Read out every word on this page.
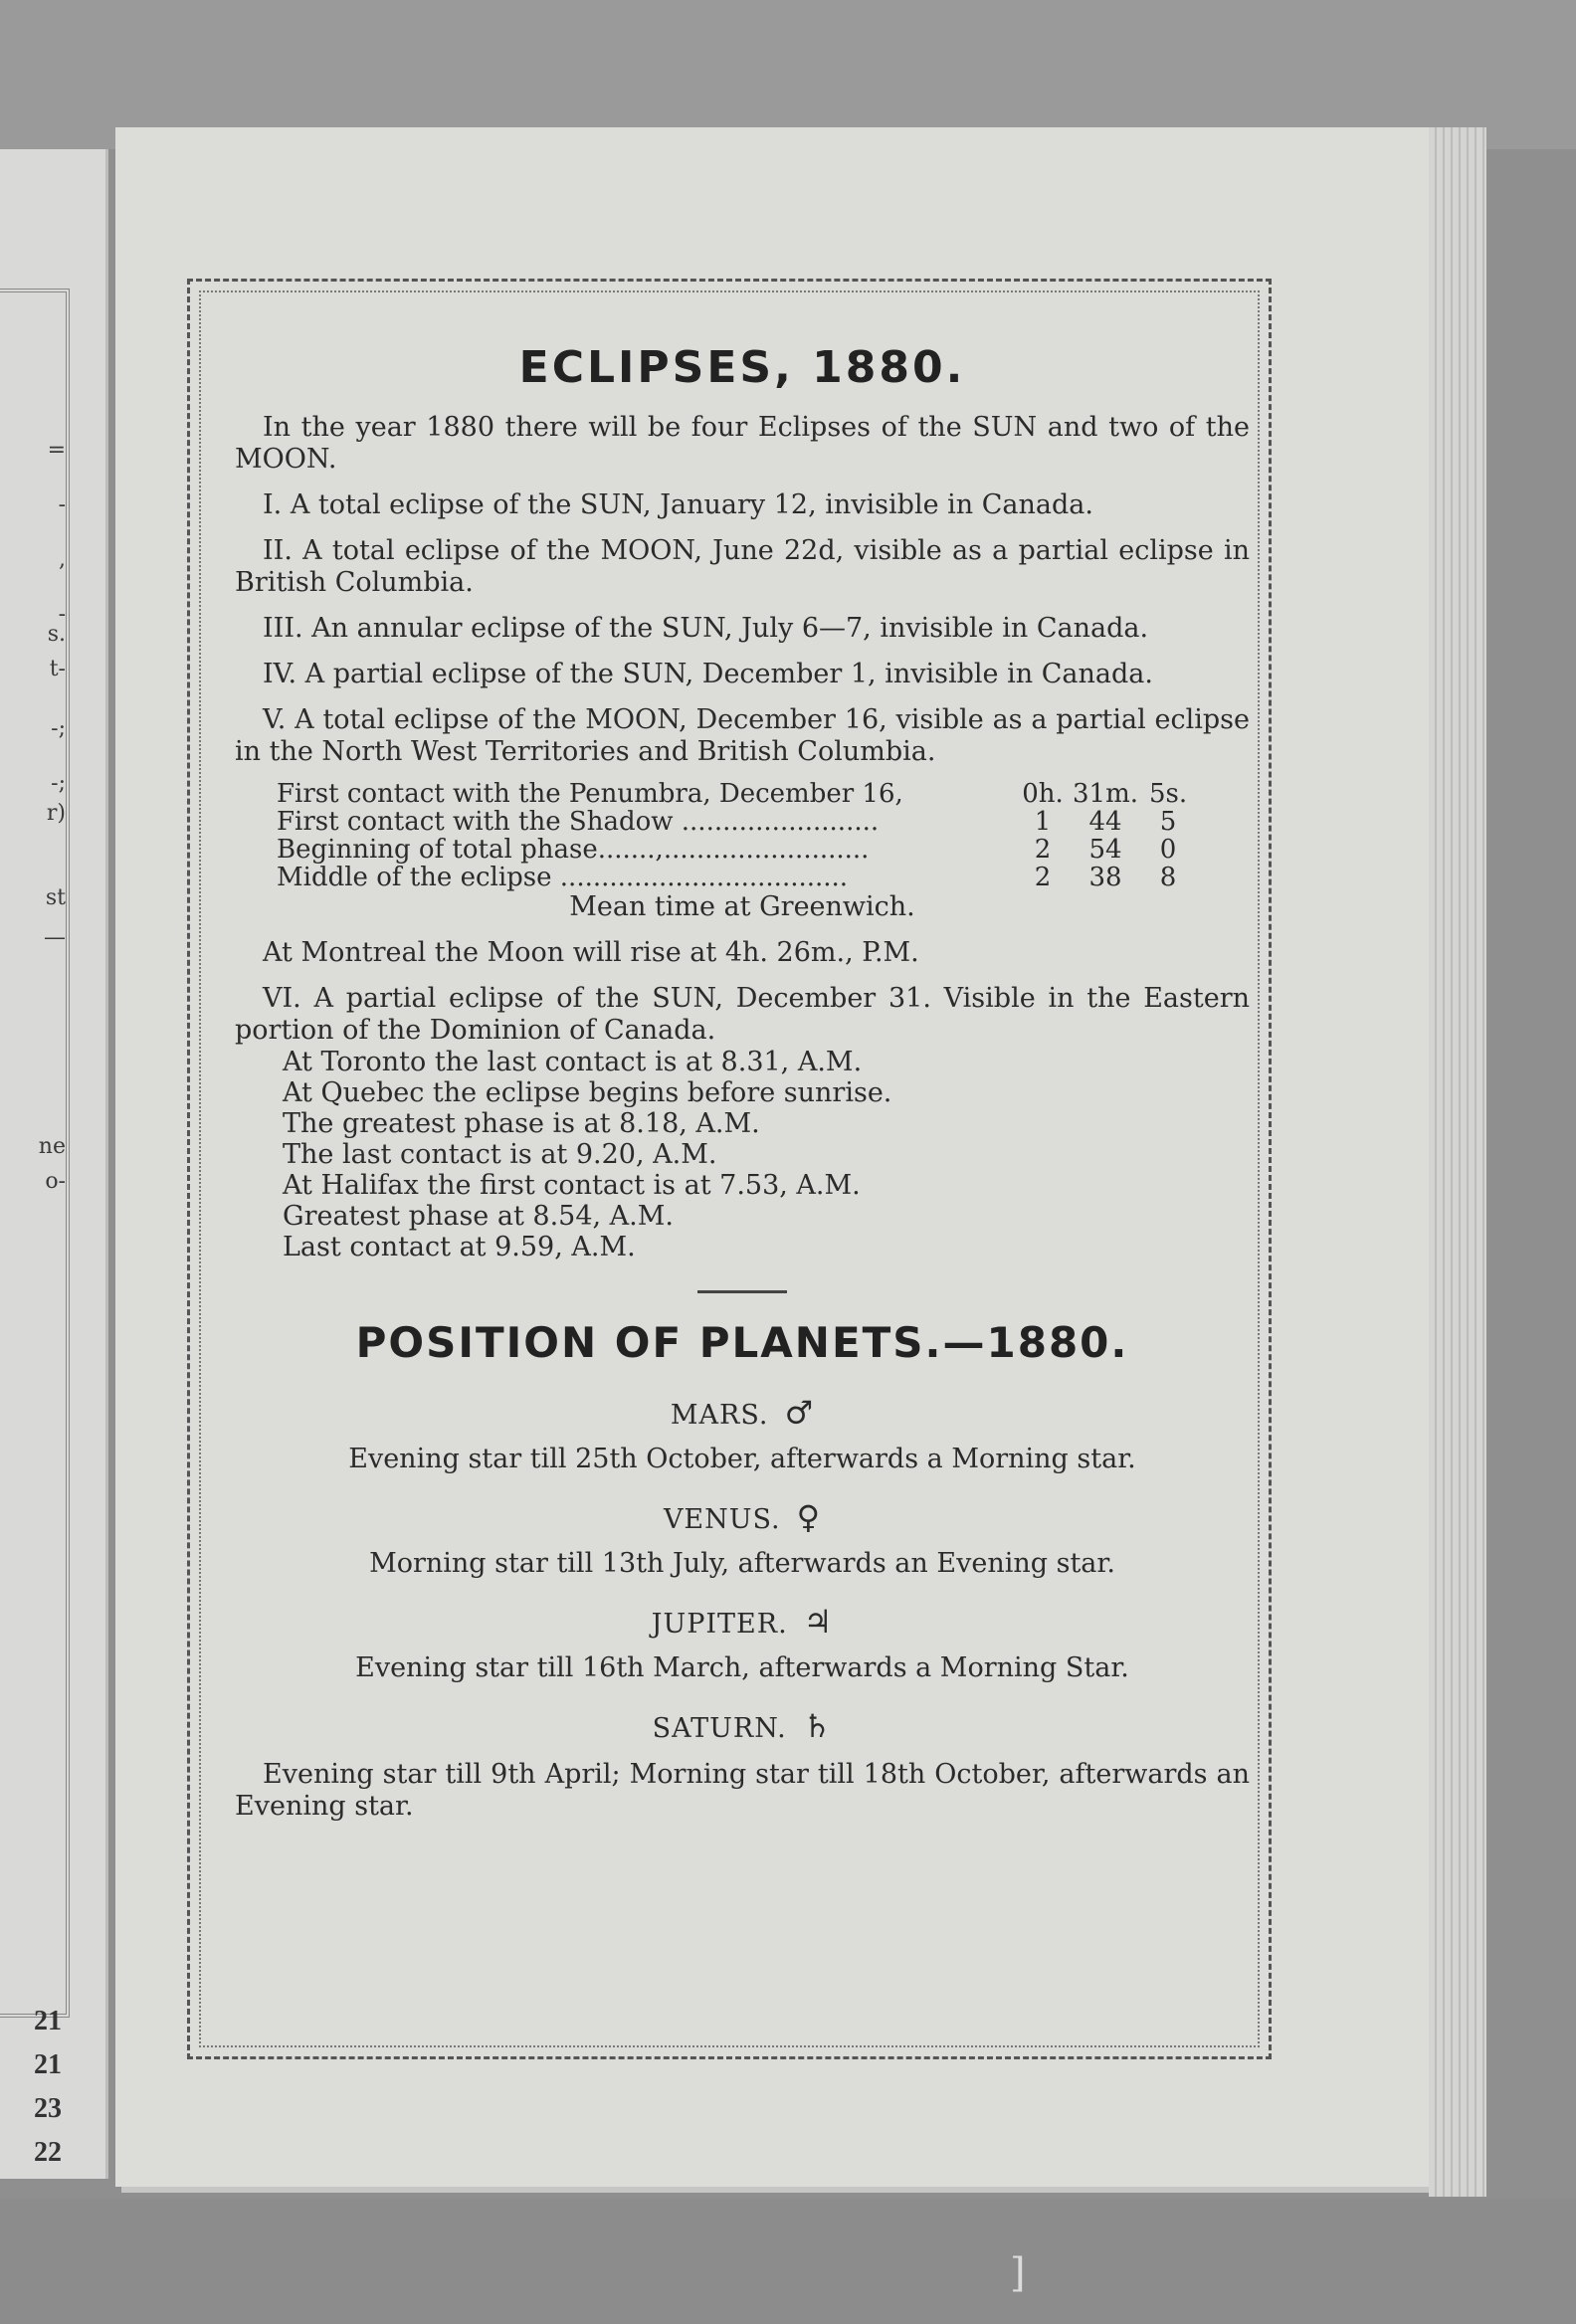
=
-
,
-
s.
t-
-;
-;
r)
st
—
ne
o-
21
21
23
22
ECLIPSES, 1880.

In the year 1880 there will be four Eclipses of the SUN and two of the MOON.

I. A total eclipse of the SUN, January 12, invisible in Canada.

II. A total eclipse of the MOON, June 22d, visible as a partial eclipse in British Columbia.

III. An annular eclipse of the SUN, July 6—7, invisible in Canada.

IV. A partial eclipse of the SUN, December 1, invisible in Canada.

V. A total eclipse of the MOON, December 16, visible as a partial eclipse in the North West Territories and British Columbia.

First contact with the Penumbra, December 16,	0h.	31m.	5s.
First contact with the Shadow ........................	1	44	5
Beginning of total phase.......,.........................	2	54	0
Middle of the eclipse ...................................	2	38	8
Mean time at Greenwich.

At Montreal the Moon will rise at 4h. 26m., P.M.

VI. A partial eclipse of the SUN, December 31. Visible in the Eastern portion of the Dominion of Canada.

At Toronto the last contact is at 8.31, A.M.
At Quebec the eclipse begins before sunrise.
The greatest phase is at 8.18, A.M.
The last contact is at 9.20, A.M.
At Halifax the first contact is at 7.53, A.M.
Greatest phase at 8.54, A.M.
Last contact at 9.59, A.M.
POSITION OF PLANETS.—1880.
MARS. ♂

Evening star till 25th October, afterwards a Morning star.

VENUS. ♀

Morning star till 13th July, afterwards an Evening star.

JUPITER. ♃

Evening star till 16th March, afterwards a Morning Star.

SATURN. ♄

Evening star till 9th April; Morning star till 18th October, afterwards an Evening star.

]
